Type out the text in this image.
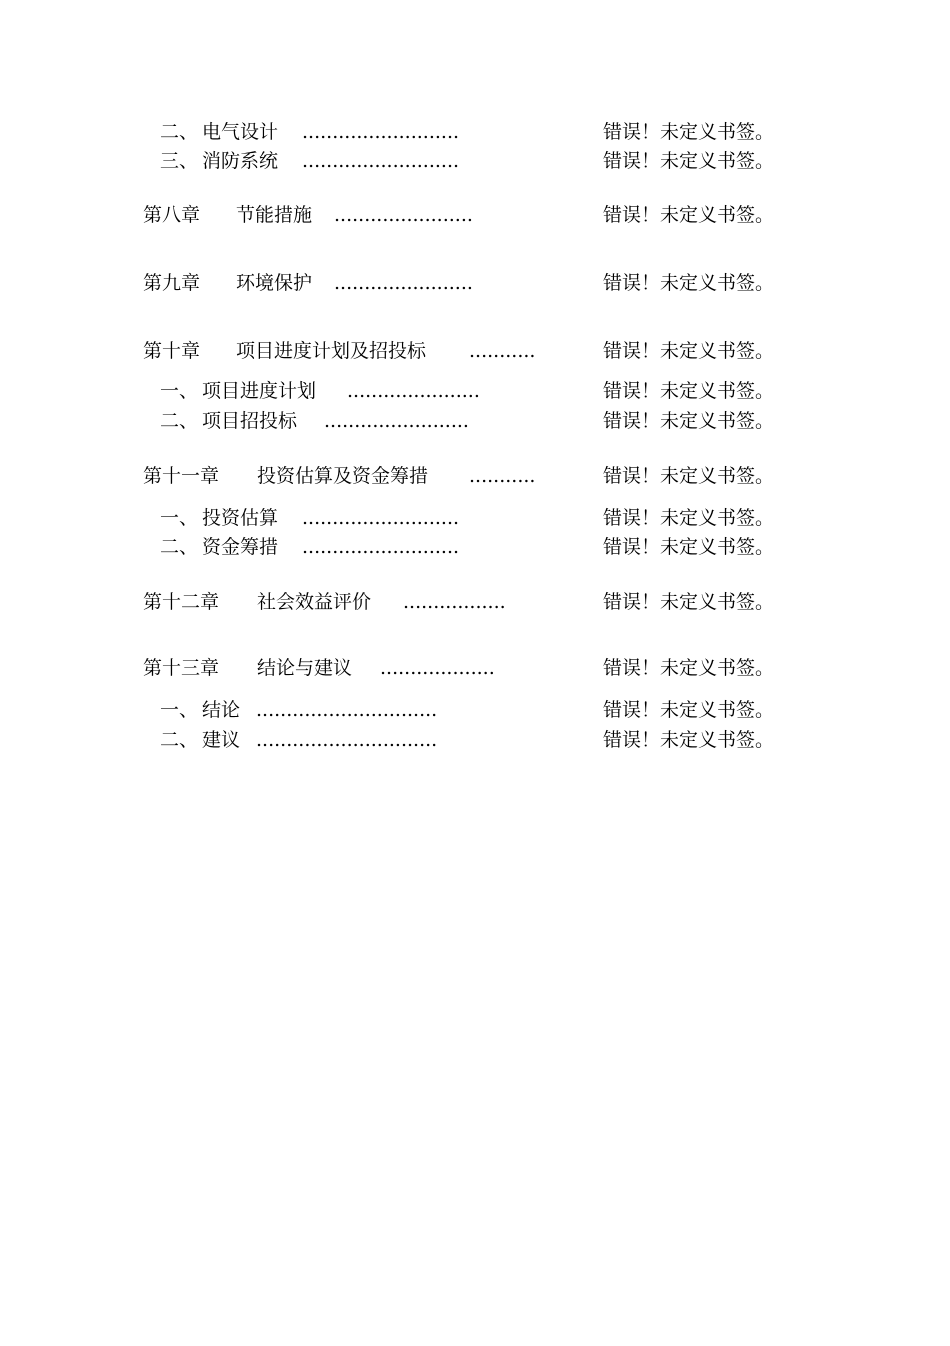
二、 电气设计 ..........................	错误！未定义书签。
三、 消防系统 ..........................	错误！未定义书签。
第八章 节能措施 .......................	错误！未定义书签。
第九章 环境保护 .......................	错误！未定义书签。
第十章 项目进度计划及招投标 ...........	错误！未定义书签。
一、 项目进度计划 ......................	错误！未定义书签。
二、 项目招投标 ........................	错误！未定义书签。
第十一章 投资估算及资金筹措 ...........	错误！未定义书签。
一、 投资估算 ..........................	错误！未定义书签。
二、 资金筹措 ..........................	错误！未定义书签。
第十二章 社会效益评价 .................	错误！未定义书签。
第十三章 结论与建议 ...................	错误！未定义书签。
一、 结论 ..............................	错误！未定义书签。
二、 建议 ..............................	错误！未定义书签。
